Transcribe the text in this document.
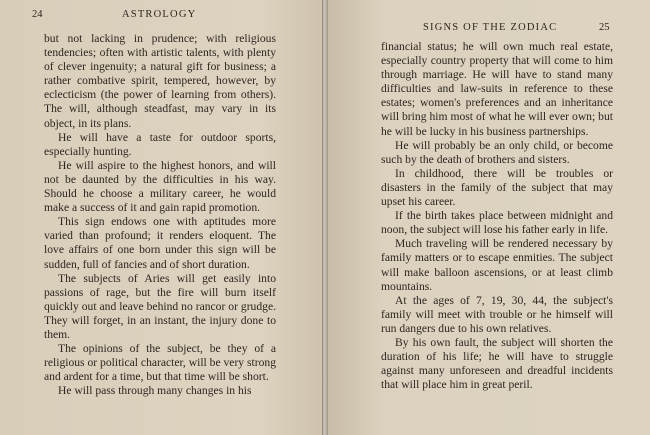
24	ASTROLOGY

but not lacking in prudence; with religious tendencies; often with artistic talents, with plenty of clever ingenuity; a natural gift for business; a rather combative spirit, tempered, however, by eclecticism (the power of learning from others). The will, although steadfast, may vary in its object, in its plans.

He will have a taste for outdoor sports, especially hunting.

He will aspire to the highest honors, and will not be daunted by the difficulties in his way. Should he choose a military career, he would make a success of it and gain rapid promotion.

This sign endows one with aptitudes more varied than profound; it renders eloquent. The love affairs of one born under this sign will be sudden, full of fancies and of short duration.

The subjects of Aries will get easily into passions of rage, but the fire will burn itself quickly out and leave behind no rancor or grudge. They will forget, in an instant, the injury done to them.

The opinions of the subject, be they of a religious or political character, will be very strong and ardent for a time, but that time will be short.

He will pass through many changes in his

SIGNS OF THE ZODIAC	25

financial status; he will own much real estate, especially country property that will come to him through marriage. He will have to stand many difficulties and law-suits in reference to these estates; women's preferences and an inheritance will bring him most of what he will ever own; but he will be lucky in his business partnerships.

He will probably be an only child, or become such by the death of brothers and sisters.

In childhood, there will be troubles or disasters in the family of the subject that may upset his career.

If the birth takes place between midnight and noon, the subject will lose his father early in life.

Much traveling will be rendered necessary by family matters or to escape enmities. The subject will make balloon ascensions, or at least climb mountains.

At the ages of 7, 19, 30, 44, the subject's family will meet with trouble or he himself will run dangers due to his own relatives.

By his own fault, the subject will shorten the duration of his life; he will have to struggle against many unforeseen and dreadful incidents that will place him in great peril.
